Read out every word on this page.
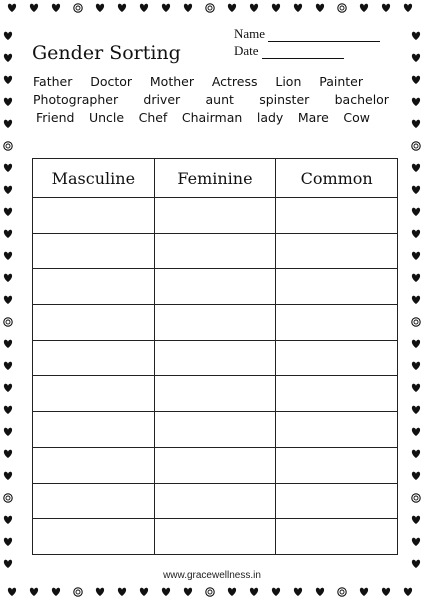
Gender Sorting
Name
Date
Father Doctor Mother Actress Lion Painter
Photographer driver aunt spinster bachelor
Friend Uncle Chef Chairman lady Mare Cow
Masculine	Feminine	Common

www.gracewellness.in
